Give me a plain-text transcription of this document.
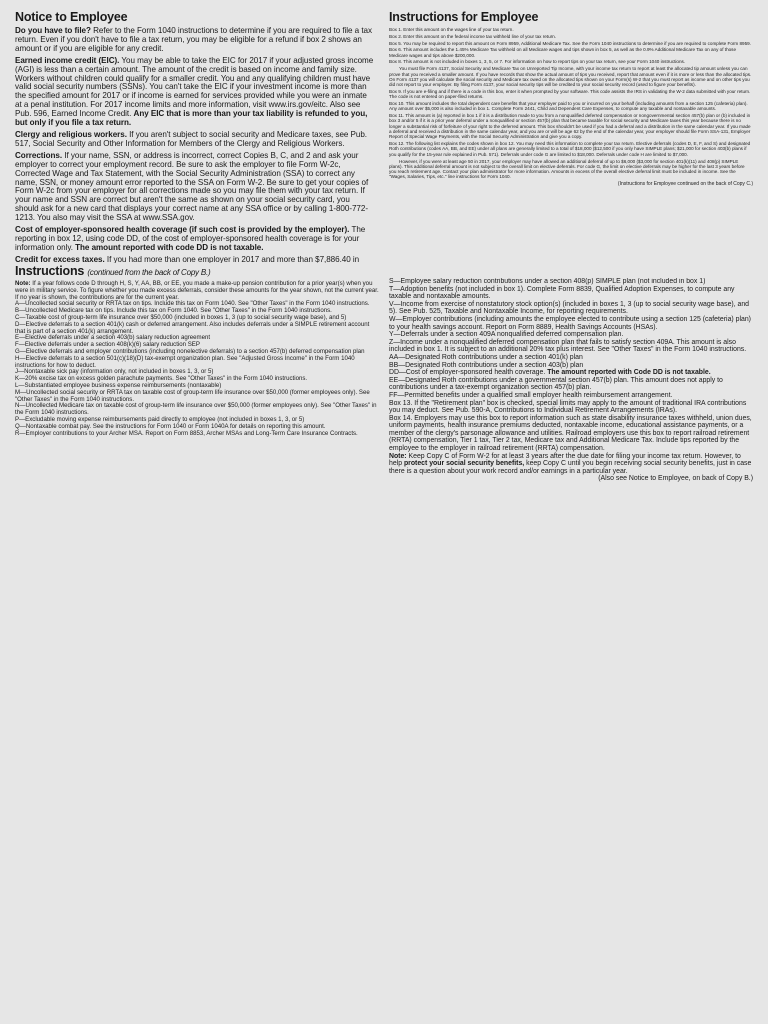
Notice to Employee

Do you have to file? Refer to the Form 1040 instructions to determine if you are required to file a tax return. Even if you don't have to file a tax return, you may be eligible for a refund if box 2 shows an amount or if you are eligible for any credit.

Earned income credit (EIC). You may be able to take the EIC for 2017 if your adjusted gross income (AGI) is less than a certain amount. The amount of the credit is based on income and family size. Workers without children could qualify for a smaller credit. You and any qualifying children must have valid social security numbers (SSNs). You can't take the EIC if your investment income is more than the specified amount for 2017 or if income is earned for services provided while you were an inmate at a penal institution. For 2017 income limits and more information, visit www.irs.gov/eitc. Also see Pub. 596, Earned Income Credit. Any EIC that is more than your tax liability is refunded to you, but only if you file a tax return.

Clergy and religious workers. If you aren't subject to social security and Medicare taxes, see Pub. 517, Social Security and Other Information for Members of the Clergy and Religious Workers.

Corrections. If your name, SSN, or address is incorrect, correct Copies B, C, and 2 and ask your employer to correct your employment record. Be sure to ask the employer to file Form W-2c, Corrected Wage and Tax Statement, with the Social Security Administration (SSA) to correct any name, SSN, or money amount error reported to the SSA on Form W-2. Be sure to get your copies of Form W-2c from your employer for all corrections made so you may file them with your tax return. If your name and SSN are correct but aren't the same as shown on your social security card, you should ask for a new card that displays your correct name at any SSA office or by calling 1-800-772-1213. You also may visit the SSA at www.SSA.gov.

Cost of employer-sponsored health coverage (if such cost is provided by the employer). The reporting in box 12, using code DD, of the cost of employer-sponsored health coverage is for your information only. The amount reported with code DD is not taxable.

Credit for excess taxes. If you had more than one employer in 2017 and more than $7,886.40 in

Instructions for Employee

Box 1. Enter this amount on the wages line of your tax return.

Box 2. Enter this amount on the federal income tax withheld line of your tax return.

Box 5. You may be required to report this amount on Form 8959, Additional Medicare Tax. See the Form 1040 instructions to determine if you are required to complete Form 8959.

Box 6. This amount includes the 1.45% Medicare Tax withheld on all Medicare wages and tips shown in box 5, as well as the 0.9% Additional Medicare Tax on any of those Medicare wages and tips above $200,000.

Box 8. This amount is not included in boxes 1, 3, 5, or 7. For information on how to report tips on your tax return, see your Form 1040 instructions.

You must file Form 4137, Social Security and Medicare Tax on Unreported Tip Income, with your income tax return to report at least the allocated tip amount unless you can prove that you received a smaller amount. If you have records that show the actual amount of tips you received, report that amount even if it is more or less than the allocated tips. On Form 4137 you will calculate the social security and Medicare tax owed on the allocated tips shown on your Form(s) W-2 that you must report as income and on other tips you did not report to your employer. By filing Form 4137, your social security tips will be credited to your social security record (used to figure your benefits).

Box 9. If you are e-filing and if there is a code in this box, enter it when prompted by your software. This code assists the IRS in validating the W-2 data submitted with your return. The code is not entered on paper-filed returns.

Box 10. This amount includes the total dependent care benefits that your employer paid to you or incurred on your behalf (including amounts from a section 125 (cafeteria) plan). Any amount over $5,000 is also included in box 1. Complete Form 2441, Child and Dependent Care Expenses, to compute any taxable and nontaxable amounts.

Box 11. This amount is (a) reported in box 1 if it is a distribution made to you from a nonqualified deferred compensation or nongovernmental section 457(b) plan or (b) included in box 3 and/or 5 if it is a prior year deferral under a nonqualified or section 457(b) plan that became taxable for social security and Medicare taxes this year because there is no longer a substantial risk of forfeiture of your right to the deferred amount. This box shouldn't be used if you had a deferral and a distribution in the same calendar year. If you made a deferral and received a distribution in the same calendar year, and you are or will be age 62 by the end of the calendar year, your employer should file Form SSA-131, Employer Report of Special Wage Payments, with the Social Security Administration and give you a copy.

Box 12. The following list explains the codes shown in box 12. You may need this information to complete your tax return. Elective deferrals (codes D, E, F, and S) and designated Roth contributions (codes AA, BB, and EE) under all plans are generally limited to a total of $18,000 ($12,500 if you only have SIMPLE plans; $21,000 for section 403(b) plans if you qualify for the 15-year rule explained in Pub. 571). Deferrals under code G are limited to $18,000. Deferrals under code H are limited to $7,000.

However, if you were at least age 50 in 2017, your employer may have allowed an additional deferral of up to $6,000 ($3,000 for section 401(k)(11) and 408(p) SIMPLE plans). This additional deferral amount is not subject to the overall limit on elective deferrals. For code G, the limit on elective deferrals may be higher for the last 3 years before you reach retirement age. Contact your plan administrator for more information. Amounts in excess of the overall elective deferral limit must be included in income. See the "Wages, Salaries, Tips, etc." line instructions for Form 1040.

(Instructions for Employee continued on the back of Copy C.)

Instructions (continued from the back of Copy B.)

Note: If a year follows code D through H, S, Y, AA, BB, or EE, you made a make-up pension contribution for a prior year(s) when you were in military service. To figure whether you made excess deferrals, consider these amounts for the year shown, not the current year. If no year is shown, the contributions are for the current year.

A—Uncollected social security or RRTA tax on tips. Include this tax on Form 1040. See "Other Taxes" in the Form 1040 instructions.

B—Uncollected Medicare tax on tips. Include this tax on Form 1040. See "Other Taxes" in the Form 1040 instructions.

C—Taxable cost of group-term life insurance over $50,000 (included in boxes 1, 3 (up to social security wage base), and 5)

D—Elective deferrals to a section 401(k) cash or deferred arrangement. Also includes deferrals under a SIMPLE retirement account that is part of a section 401(k) arrangement.

E—Elective deferrals under a section 403(b) salary reduction agreement

F—Elective deferrals under a section 408(k)(6) salary reduction SEP

G—Elective deferrals and employer contributions (including nonelective deferrals) to a section 457(b) deferred compensation plan

H—Elective deferrals to a section 501(c)(18)(D) tax-exempt organization plan. See "Adjusted Gross Income" in the Form 1040 instructions for how to deduct.

J—Nontaxable sick pay (information only, not included in boxes 1, 3, or 5)

K—20% excise tax on excess golden parachute payments. See "Other Taxes" in the Form 1040 instructions.

L—Substantiated employee business expense reimbursements (nontaxable)

M—Uncollected social security or RRTA tax on taxable cost of group-term life insurance over $50,000 (former employees only). See "Other Taxes" in the Form 1040 instructions.

N—Uncollected Medicare tax on taxable cost of group-term life insurance over $50,000 (former employees only). See "Other Taxes" in the Form 1040 instructions.

P—Excludable moving expense reimbursements paid directly to employee (not included in boxes 1, 3, or 5)

Q—Nontaxable combat pay. See the instructions for Form 1040 or Form 1040A for details on reporting this amount.

R—Employer contributions to your Archer MSA. Report on Form 8853, Archer MSAs and Long-Term Care Insurance Contracts.

S—Employee salary reduction contributions under a section 408(p) SIMPLE plan (not included in box 1)

T—Adoption benefits (not included in box 1). Complete Form 8839, Qualified Adoption Expenses, to compute any taxable and nontaxable amounts.

V—Income from exercise of nonstatutory stock option(s) (included in boxes 1, 3 (up to social security wage base), and 5). See Pub. 525, Taxable and Nontaxable Income, for reporting requirements.

W—Employer contributions (including amounts the employee elected to contribute using a section 125 (cafeteria) plan) to your health savings account. Report on Form 8889, Health Savings Accounts (HSAs).

Y—Deferrals under a section 409A nonqualified deferred compensation plan.

Z—Income under a nonqualified deferred compensation plan that fails to satisfy section 409A. This amount is also included in box 1. It is subject to an additional 20% tax plus interest. See "Other Taxes" in the Form 1040 instructions.

AA—Designated Roth contributions under a section 401(k) plan

BB—Designated Roth contributions under a section 403(b) plan

DD—Cost of employer-sponsored health coverage. The amount reported with Code DD is not taxable.

EE—Designated Roth contributions under a governmental section 457(b) plan. This amount does not apply to contributions under a tax-exempt organization section 457(b) plan.

FF—Permitted benefits under a qualified small employer health reimbursement arrangement.

Box 13. If the "Retirement plan" box is checked, special limits may apply to the amount of traditional IRA contributions you may deduct. See Pub. 590-A, Contributions to Individual Retirement Arrangements (IRAs).

Box 14. Employers may use this box to report information such as state disability insurance taxes withheld, union dues, uniform payments, health insurance premiums deducted, nontaxable income, educational assistance payments, or a member of the clergy's parsonage allowance and utilities. Railroad employers use this box to report railroad retirement (RRTA) compensation, Tier 1 tax, Tier 2 tax, Medicare tax and Additional Medicare Tax. Include tips reported by the employee to the employer in railroad retirement (RRTA) compensation.

Note: Keep Copy C of Form W-2 for at least 3 years after the due date for filing your income tax return. However, to help protect your social security benefits, keep Copy C until you begin receiving social security benefits, just in case there is a question about your work record and/or earnings in a particular year.

(Also see Notice to Employee, on back of Copy B.)
